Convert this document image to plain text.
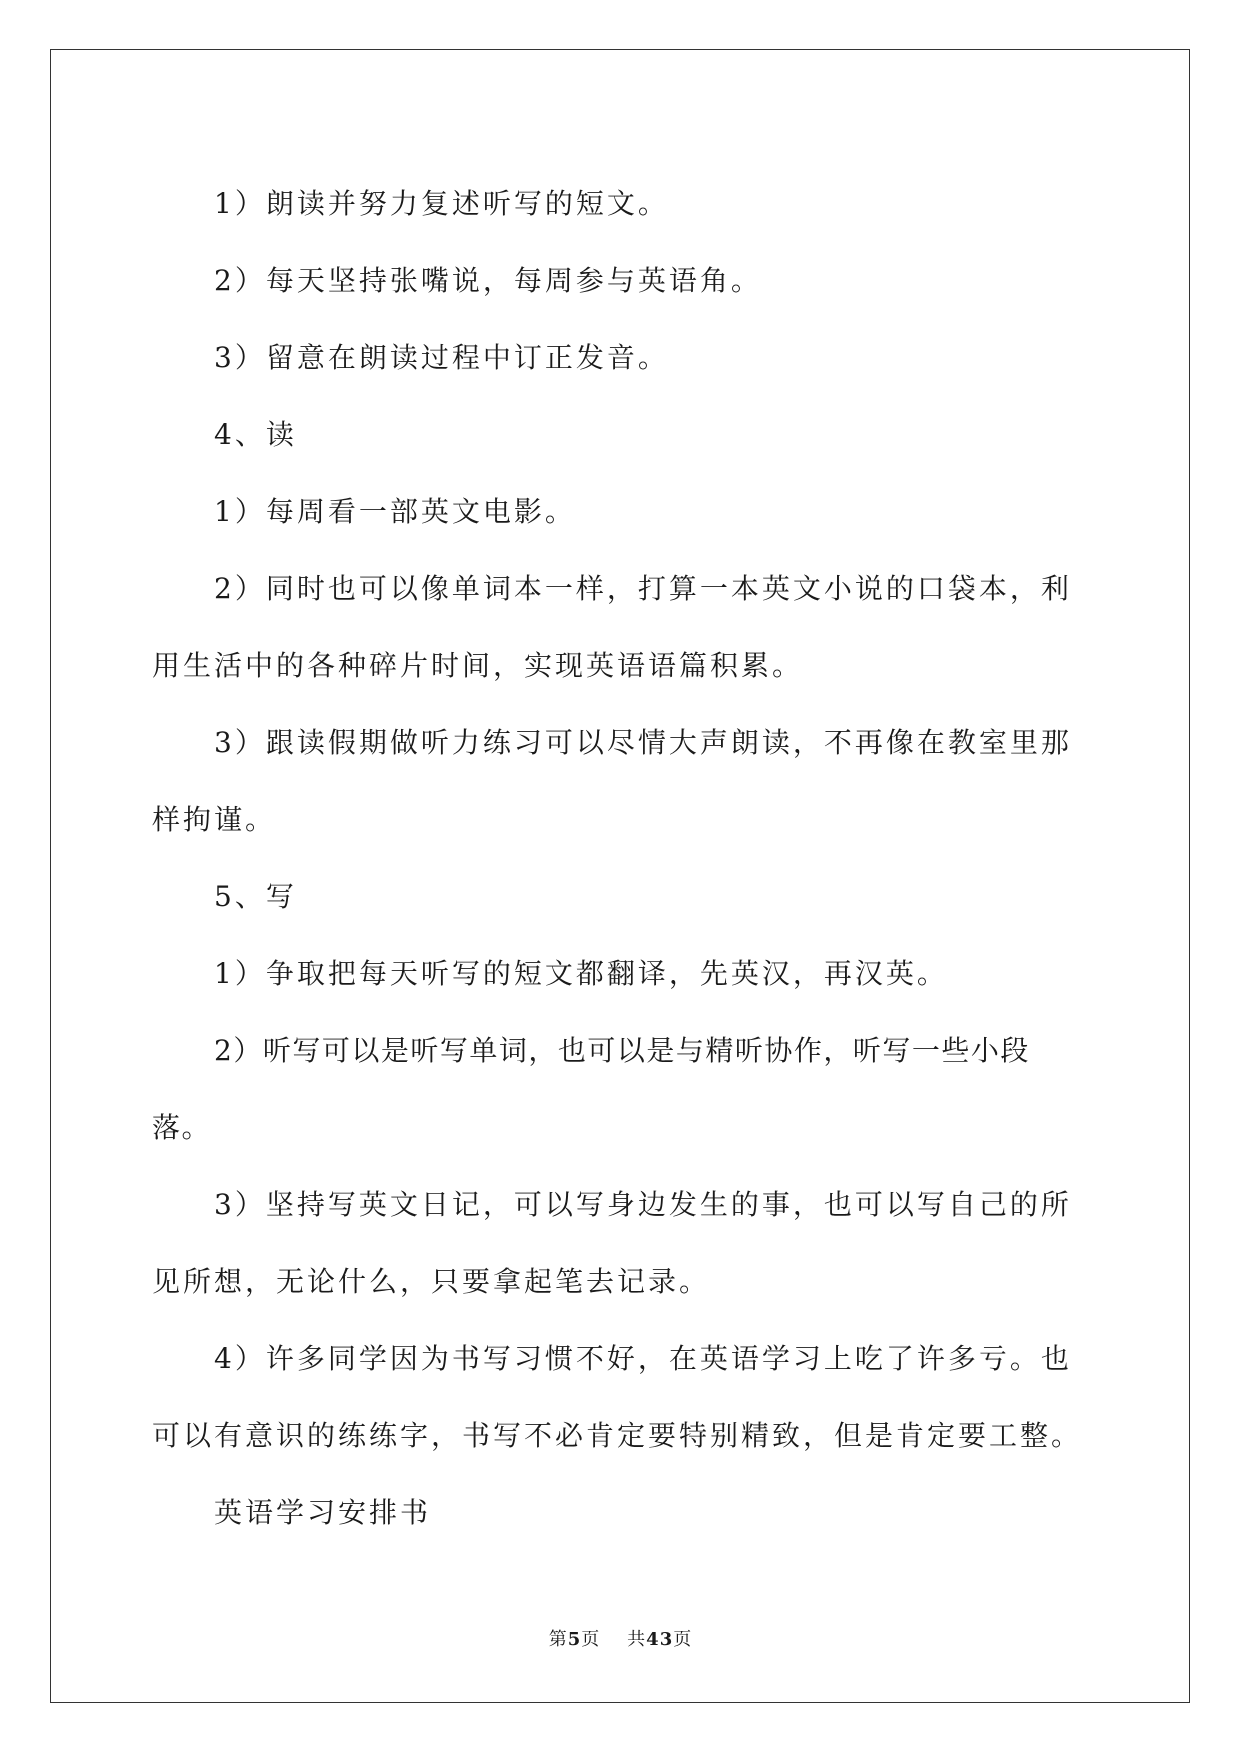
1）朗读并努力复述听写的短文。

2）每天坚持张嘴说，每周参与英语角。

3）留意在朗读过程中订正发音。

4、读

1）每周看一部英文电影。

2）同时也可以像单词本一样，打算一本英文小说的口袋本，利用生活中的各种碎片时间，实现英语语篇积累。

3）跟读假期做听力练习可以尽情大声朗读，不再像在教室里那样拘谨。

5、写

1）争取把每天听写的短文都翻译，先英汉，再汉英。

2）听写可以是听写单词，也可以是与精听协作，听写一些小段落。

3）坚持写英文日记，可以写身边发生的事，也可以写自己的所见所想，无论什么，只要拿起笔去记录。

4）许多同学因为书写习惯不好，在英语学习上吃了许多亏。也可以有意识的练练字，书写不必肯定要特别精致，但是肯定要工整。

英语学习安排书

第5页 共43页
